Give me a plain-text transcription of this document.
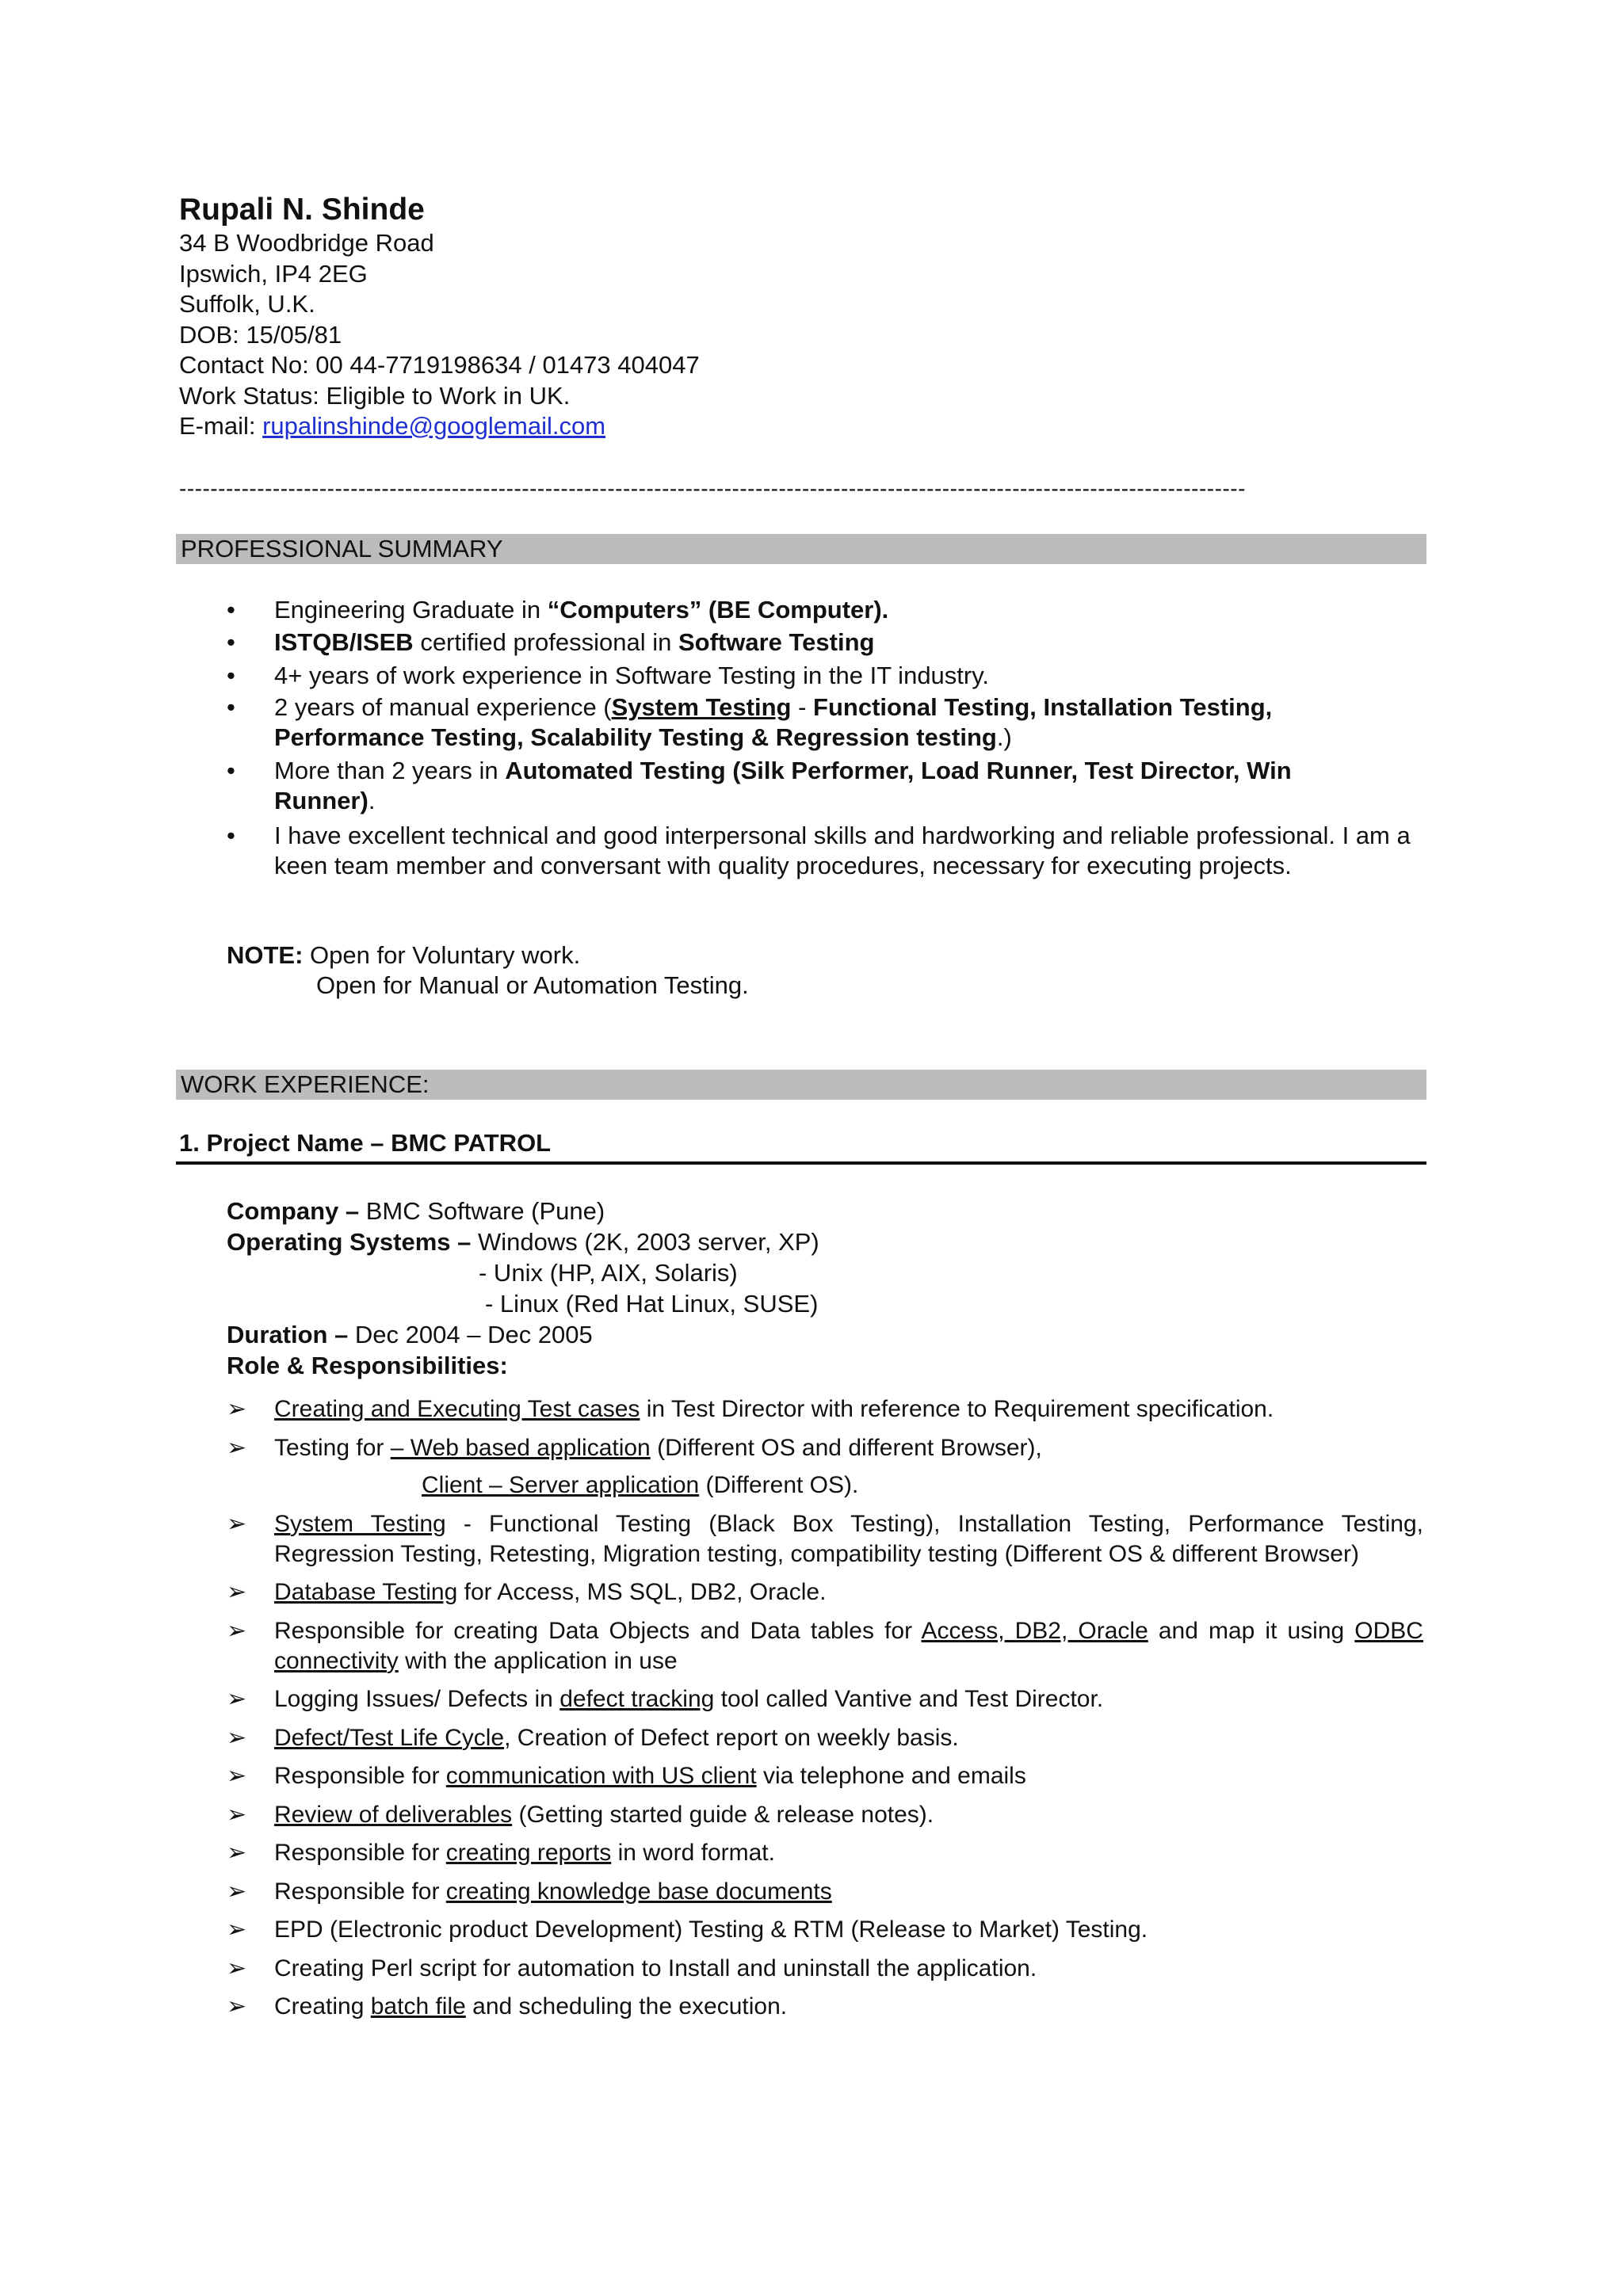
Rupali N. Shinde
34 B Woodbridge Road
Ipswich, IP4 2EG
Suffolk, U.K.
DOB: 15/05/81
Contact No: 00 44-7719198634 / 01473 404047
Work Status: Eligible to Work in UK.
E-mail: rupalinshinde@googlemail.com
-----------------------------------------------------------------------------------------------------------------------------------------
PROFESSIONAL SUMMARY
• Engineering Graduate in “Computers” (BE Computer).
• ISTQB/ISEB certified professional in Software Testing
• 4+ years of work experience in Software Testing in the IT industry.
• 2 years of manual experience (System Testing - Functional Testing, Installation Testing, Performance Testing, Scalability Testing & Regression testing.)
• More than 2 years in Automated Testing (Silk Performer, Load Runner, Test Director, Win Runner).
• I have excellent technical and good interpersonal skills and hardworking and reliable professional. I am a keen team member and conversant with quality procedures, necessary for executing projects.
NOTE: Open for Voluntary work.
Open for Manual or Automation Testing.
WORK EXPERIENCE:
1. Project Name – BMC PATROL
Company – BMC Software (Pune)
Operating Systems – Windows (2K, 2003 server, XP)
- Unix (HP, AIX, Solaris)
- Linux (Red Hat Linux, SUSE)
Duration – Dec 2004 – Dec 2005
Role & Responsibilities:
➢ Creating and Executing Test cases in Test Director with reference to Requirement specification.
➢ Testing for – Web based application (Different OS and different Browser),
Client – Server application (Different OS).
➢ System Testing - Functional Testing (Black Box Testing), Installation Testing, Performance Testing, Regression Testing, Retesting, Migration testing, compatibility testing (Different OS & different Browser)
➢ Database Testing for Access, MS SQL, DB2, Oracle.
➢ Responsible for creating Data Objects and Data tables for Access, DB2, Oracle and map it using ODBC connectivity with the application in use
➢ Logging Issues/ Defects in defect tracking tool called Vantive and Test Director.
➢ Defect/Test Life Cycle, Creation of Defect report on weekly basis.
➢ Responsible for communication with US client via telephone and emails
➢ Review of deliverables (Getting started guide & release notes).
➢ Responsible for creating reports in word format.
➢ Responsible for creating knowledge base documents
➢ EPD (Electronic product Development) Testing & RTM (Release to Market) Testing.
➢ Creating Perl script for automation to Install and uninstall the application.
➢ Creating batch file and scheduling the execution.
